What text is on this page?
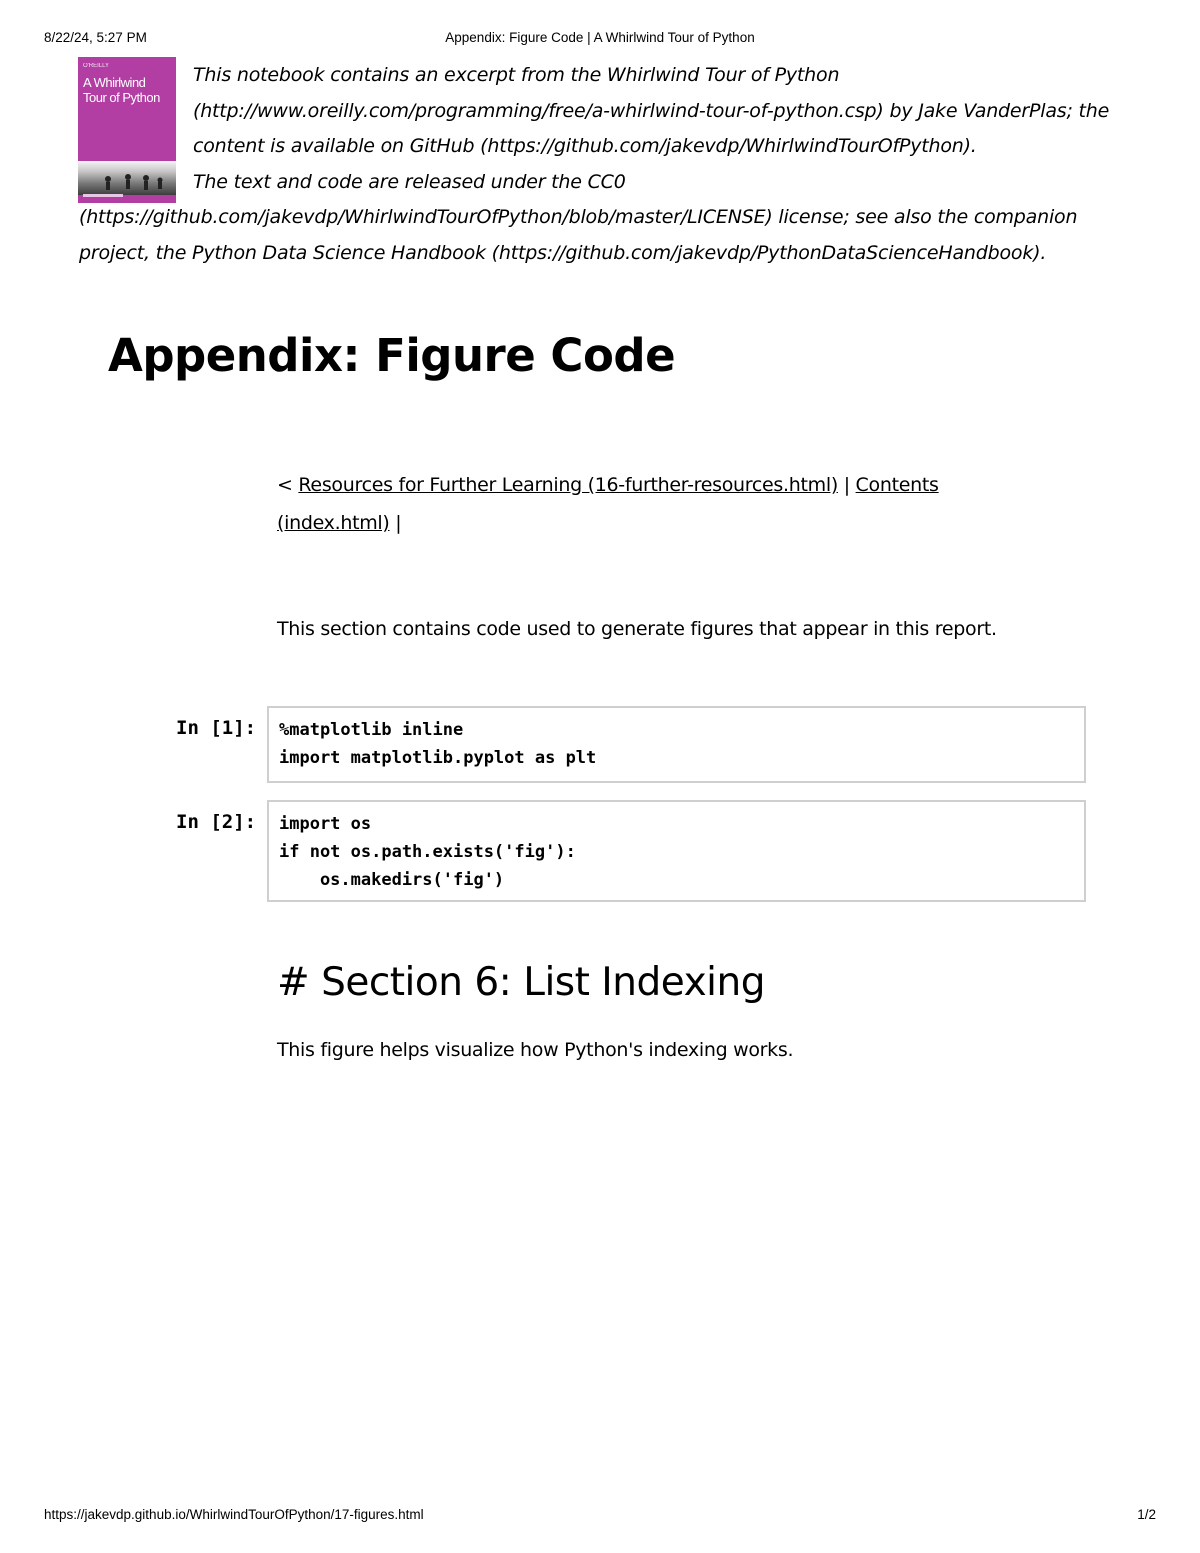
8/22/24, 5:27 PM	Appendix: Figure Code | A Whirlwind Tour of Python
O'REILLY
A Whirlwind
Tour of Python

This notebook contains an excerpt from the Whirlwind Tour of Python (http://www.oreilly.com/programming/free/a-whirlwind-tour-of-python.csp) by Jake VanderPlas; the content is available on GitHub (https://github.com/jakevdp/WhirlwindTourOfPython).

The text and code are released under the CC0 (https://github.com/jakevdp/WhirlwindTourOfPython/blob/master/LICENSE) license; see also the companion project, the Python Data Science Handbook (https://github.com/jakevdp/PythonDataScienceHandbook).

Appendix: Figure Code
< Resources for Further Learning (16-further-resources.html) | Contents (index.html) |

This section contains code used to generate figures that appear in this report.

In [1]: %matplotlib inline
import matplotlib.pyplot as plt
In [2]: import os
if not os.path.exists('fig'):
os.makedirs('fig')
# Section 6: List Indexing

This figure helps visualize how Python's indexing works.

https://jakevdp.github.io/WhirlwindTourOfPython/17-figures.html	1/2
